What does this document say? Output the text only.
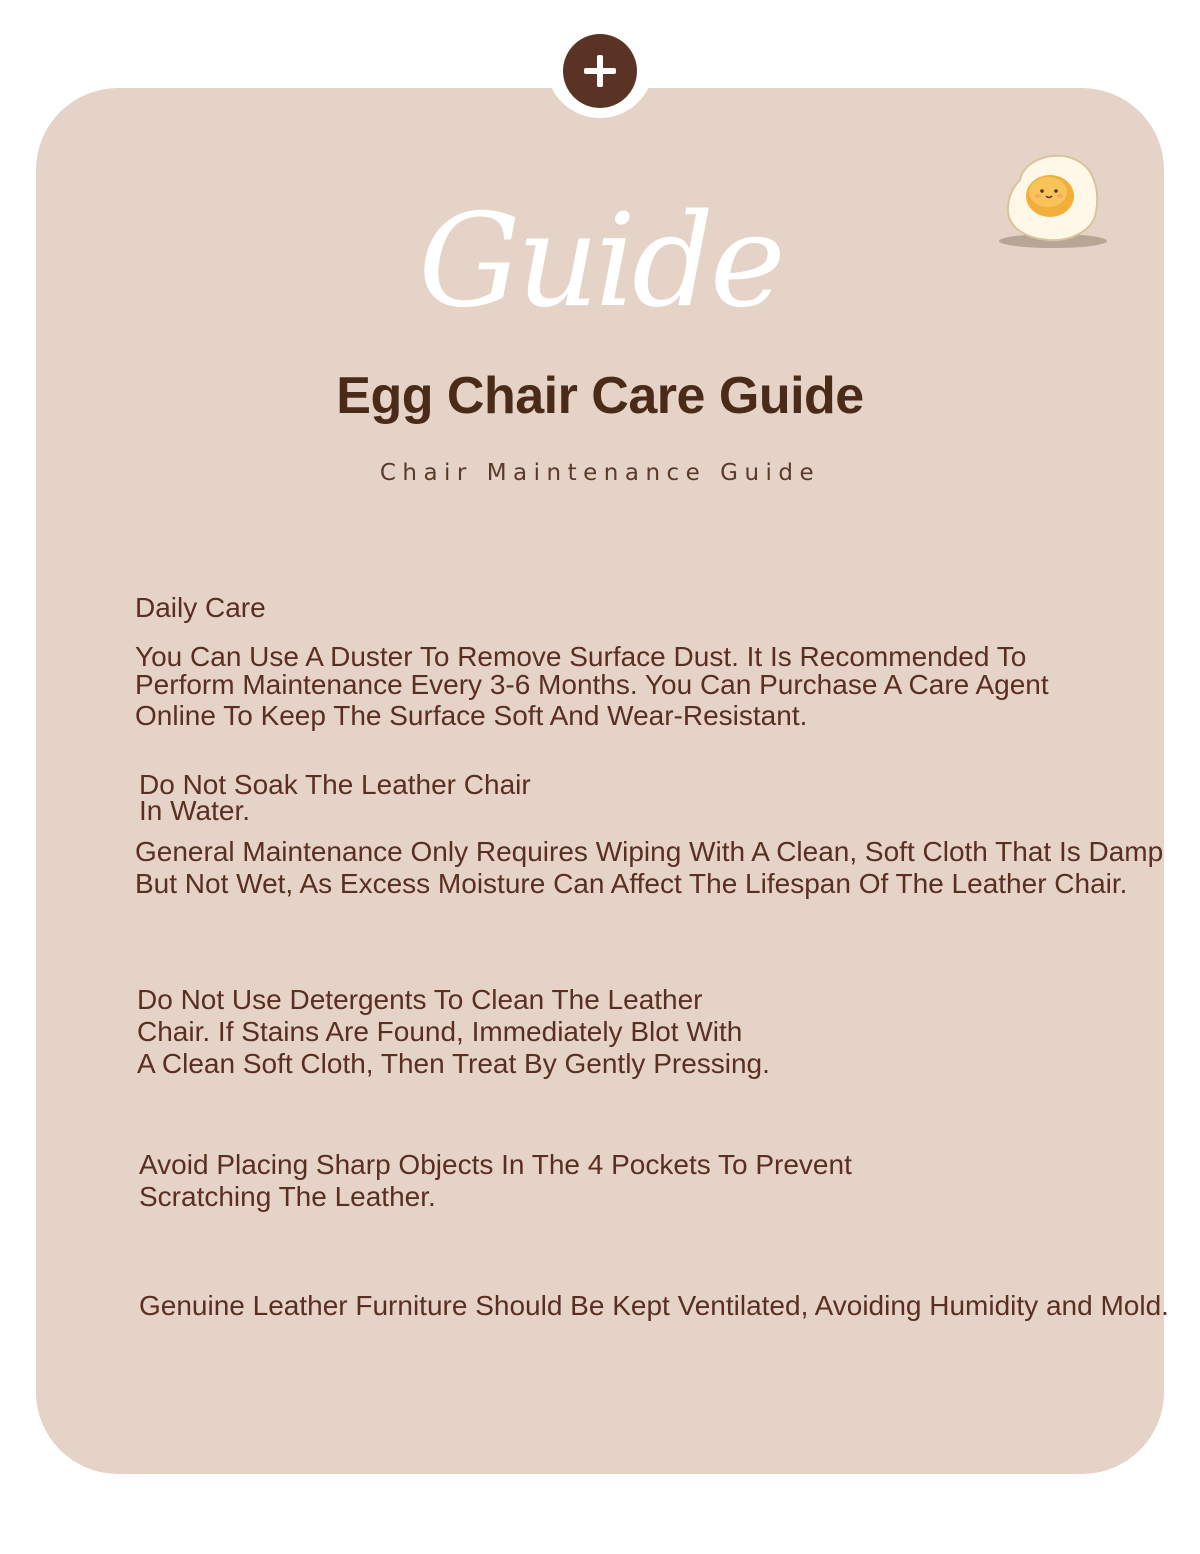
Guide
Egg Chair Care Guide
Chair Maintenance Guide
Daily Care
You Can Use A Duster To Remove Surface Dust. It Is Recommended To
Perform Maintenance Every 3-6 Months. You Can Purchase A Care Agent
Online To Keep The Surface Soft And Wear-Resistant.
Do Not Soak The Leather Chair
In Water.
General Maintenance Only Requires Wiping With A Clean, Soft Cloth That Is Damp
But Not Wet, As Excess Moisture Can Affect The Lifespan Of The Leather Chair.
Do Not Use Detergents To Clean The Leather
Chair. If Stains Are Found, Immediately Blot With
A Clean Soft Cloth, Then Treat By Gently Pressing.
Avoid Placing Sharp Objects In The 4 Pockets To Prevent
Scratching The Leather.
Genuine Leather Furniture Should Be Kept Ventilated, Avoiding Humidity and Mold.
